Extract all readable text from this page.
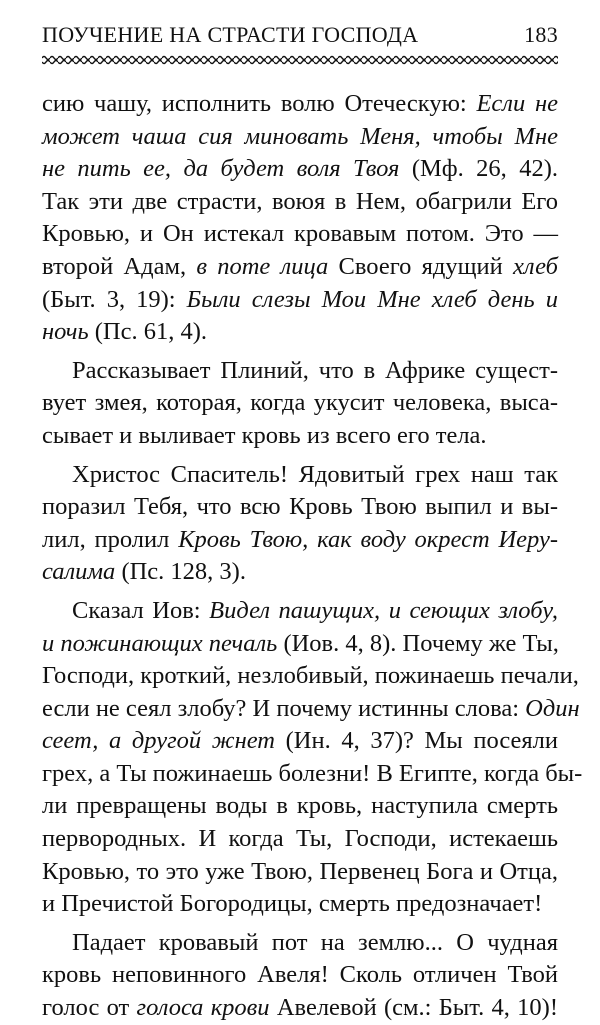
ПОУЧЕНИЕ НА СТРАСТИ ГОСПОДА	183
сию чашу, исполнить волю Отеческую: Если не
может чаша сия миновать Меня, чтобы Мне
не пить ее, да будет воля Твоя (Мф. 26, 42).
Так эти две страсти, воюя в Нем, обагрили Его
Кровью, и Он истекал кровавым потом. Это —
второй Адам, в поте лица Своего ядущий хлеб
(Быт. 3, 19): Были слезы Мои Мне хлеб день и
ночь (Пс. 61, 4).
Рассказывает Плиний, что в Африке сущест-
вует змея, которая, когда укусит человека, выса-
сывает и выливает кровь из всего его тела.
Христос Спаситель! Ядовитый грех наш так
поразил Тебя, что всю Кровь Твою выпил и вы-
лил, пролил Кровь Твою, как воду окрест Иеру-
салима (Пс. 128, 3).
Сказал Иов: Видел пашущих, и сеющих злобу,
и пожинающих печаль (Иов. 4, 8). Почему же Ты,
Господи, кроткий, незлобивый, пожинаешь печали,
если не сеял злобу? И почему истинны слова: Один
сеет, а другой жнет (Ин. 4, 37)? Мы посеяли
грех, а Ты пожинаешь болезни! В Египте, когда бы-
ли превращены воды в кровь, наступила смерть
первородных. И когда Ты, Господи, истекаешь
Кровью, то это уже Твою, Первенец Бога и Отца,
и Пречистой Богородицы, смерть предозначает!
Падает кровавый пот на землю... О чудная
кровь неповинного Авеля! Сколь отличен Твой
голос от голоса крови Авелевой (см.: Быт. 4, 10)!
